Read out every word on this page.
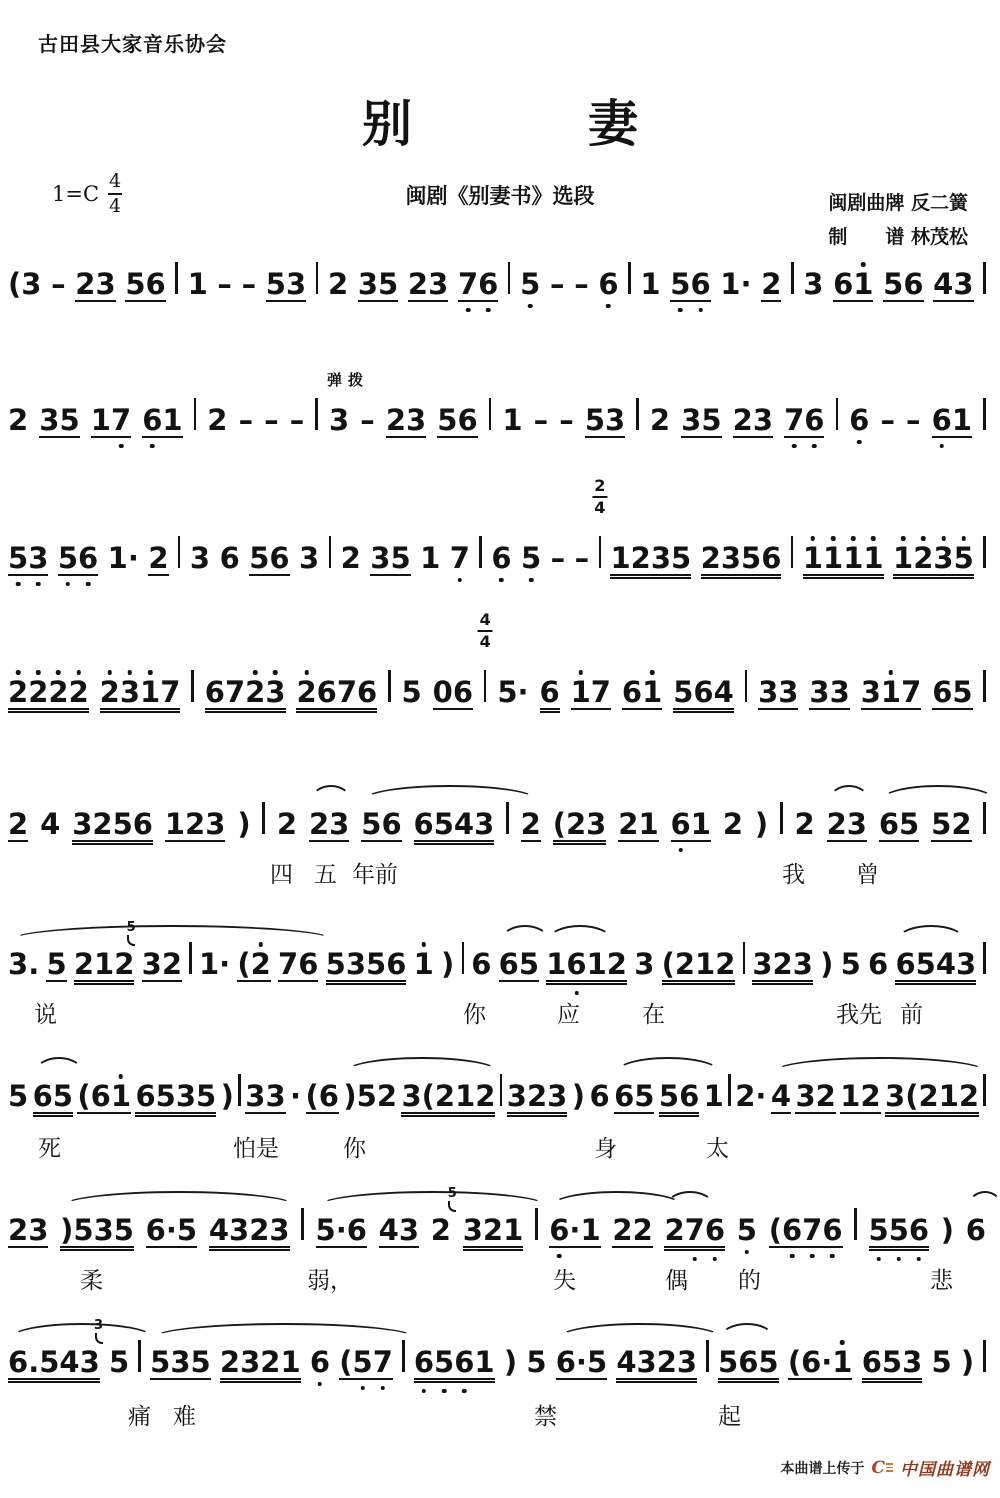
古田县大家音乐协会
别	妻
$1=C \frac{4}{4}$	闽剧《别妻书》选段	闽剧曲牌 反二簧
制　　谱 林茂松
(3 – 23 56 1 – – 53 2 35 23 7
6 5 – – 6 1 5
6 1· 2 3 61 56 43
2 35 17 6
1 2 – – – 3
弹拨
– 23 56 1 – – 53 2 35 23 7
6 6 – – 6
1
5
3 5
6 1· 2 3 6 56 3 2 35 1 7 6 5 – –
2
4
1235 2356 1
1
1
1 1
2
3
5
2
2
2
2 2
3
1
7 672
3 2
676 5 06
4
4
5· 6 1
7 61 564 33 33 31
7 65
2 4 3256 123 ) 2 23 56 6543 2 (23 21 6
1 2 ) 2 23 65 52
四 五 年前	我 曾
3. 5 212 32
5
1· (2 76 5356 1 ) 6 65 16
12 3 (212 323 ) 5 6 6543
说	你	应	在	我先 前
5 65 (61 6535 ) 33 · (6 )52 3(212 323 ) 6 65 56 1 2· 4 32 12 3(212
死	怕是	你	身	太
23 )535 6·5 4323 5·6 43 2 321
5
6
·1 22 27
6 5 (6
7
6 5
5
6 ) 6
柔	弱，	失	偶 的	悲
6.543 5
3
535 2321 6 (5
7 6
5
6
1 ) 5 6·5 4323 565 (6·1 653 5 )
痛 难	禁	起
本曲谱上传于 C 中国曲谱网
